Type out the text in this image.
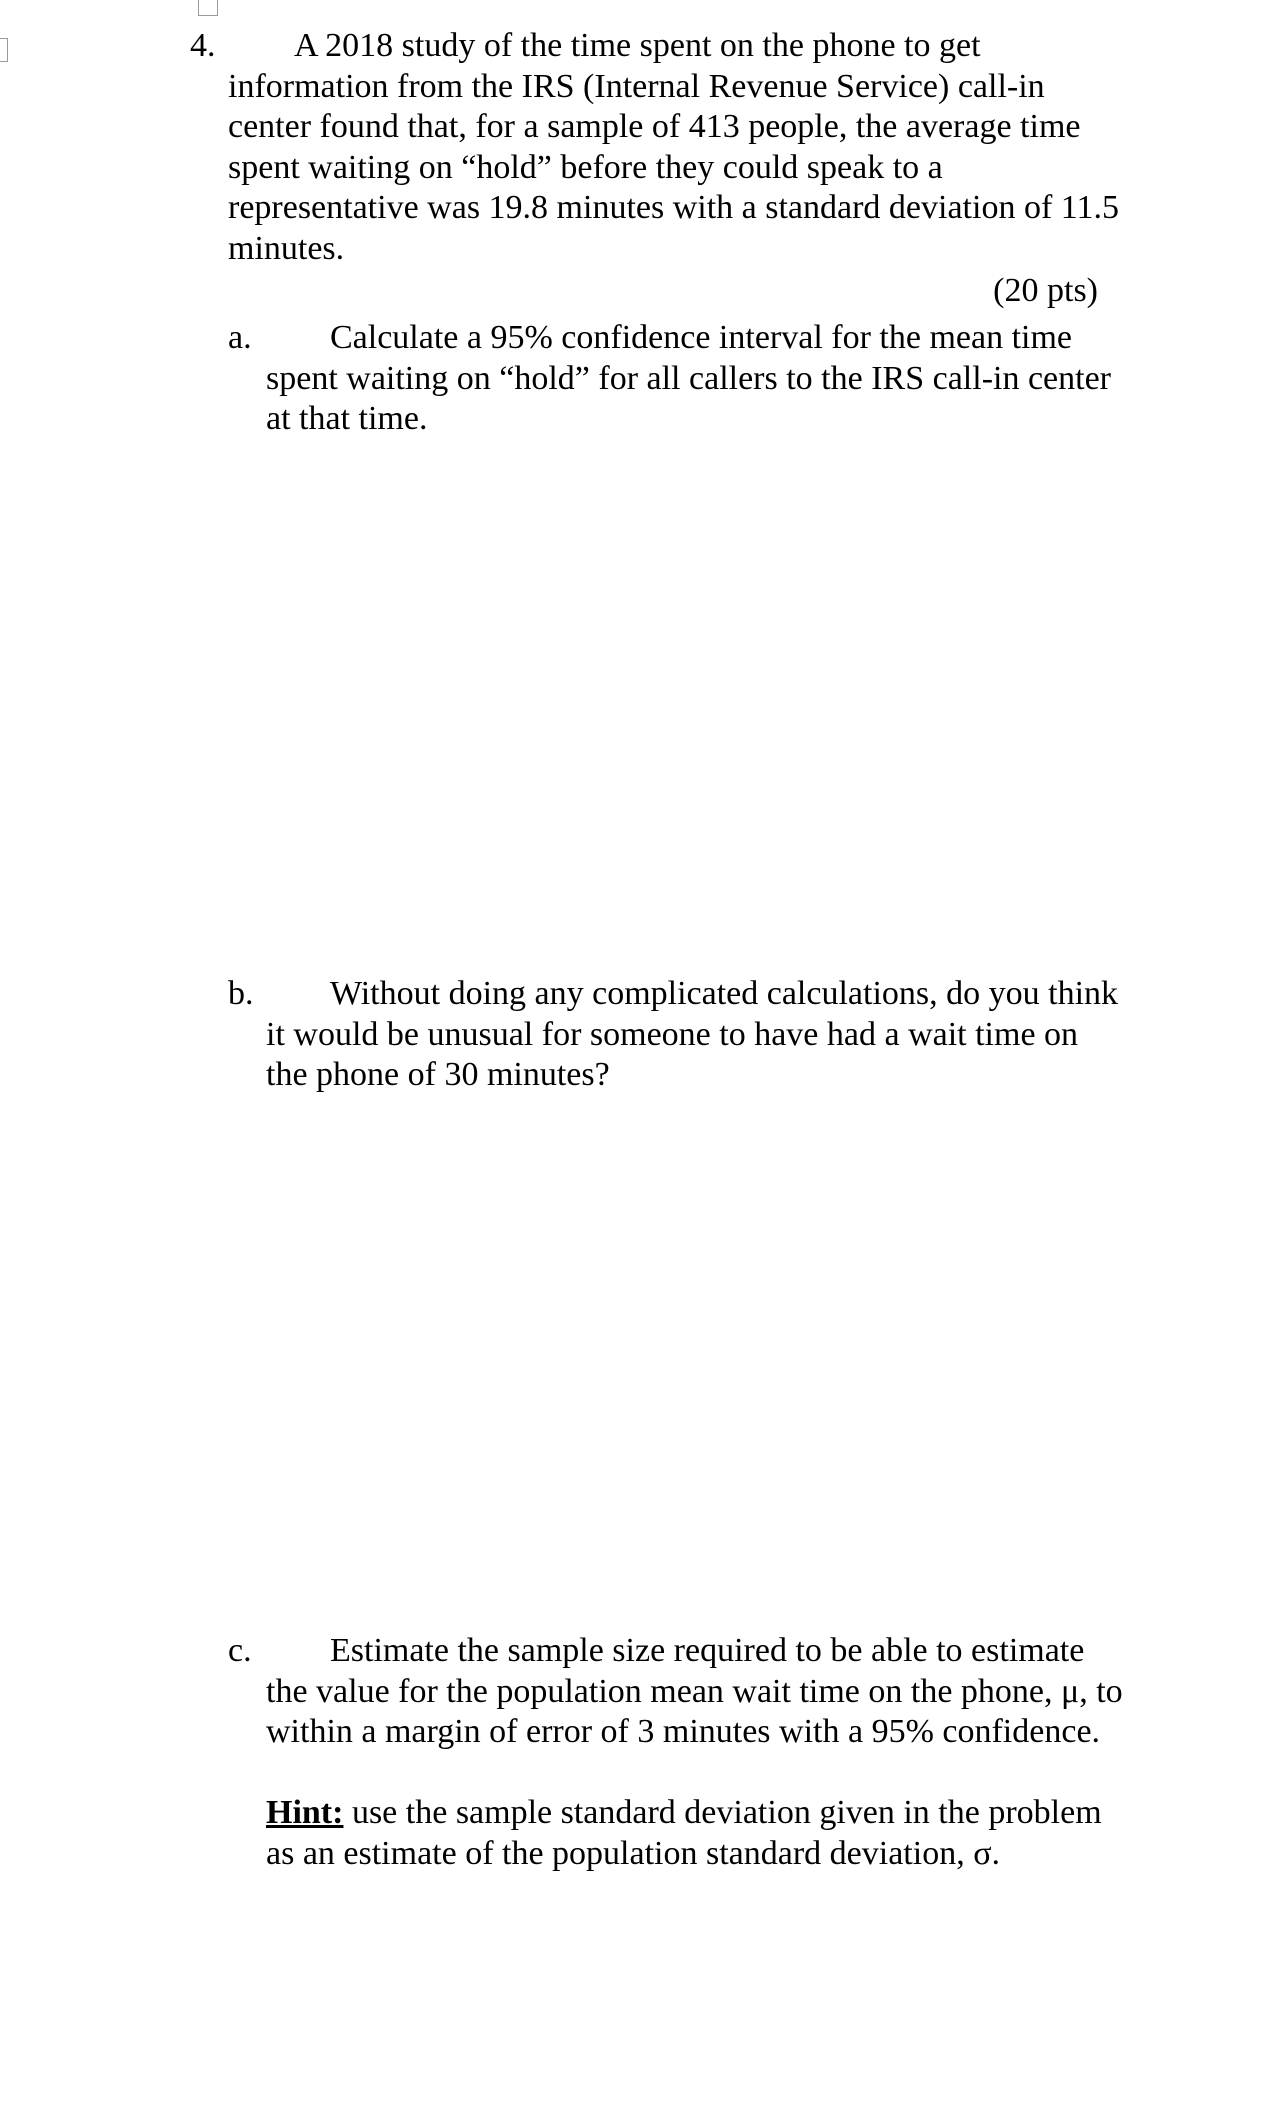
4.	A 2018 study of the time spent on the phone to get information from the IRS (Internal Revenue Service) call-in center found that, for a sample of 413 people, the average time spent waiting on “hold” before they could speak to a representative was 19.8 minutes with a standard deviation of 11.5 minutes.

(20 pts)
a.	Calculate a 95% confidence interval for the mean time spent waiting on “hold” for all callers to the IRS call-in center at that time.

b.	Without doing any complicated calculations, do you think it would be unusual for someone to have had a wait time on the phone of 30 minutes?

c.	Estimate the sample size required to be able to estimate the value for the population mean wait time on the phone, μ, to within a margin of error of 3 minutes with a 95% confidence.

Hint: use the sample standard deviation given in the problem as an estimate of the population standard deviation, σ.
